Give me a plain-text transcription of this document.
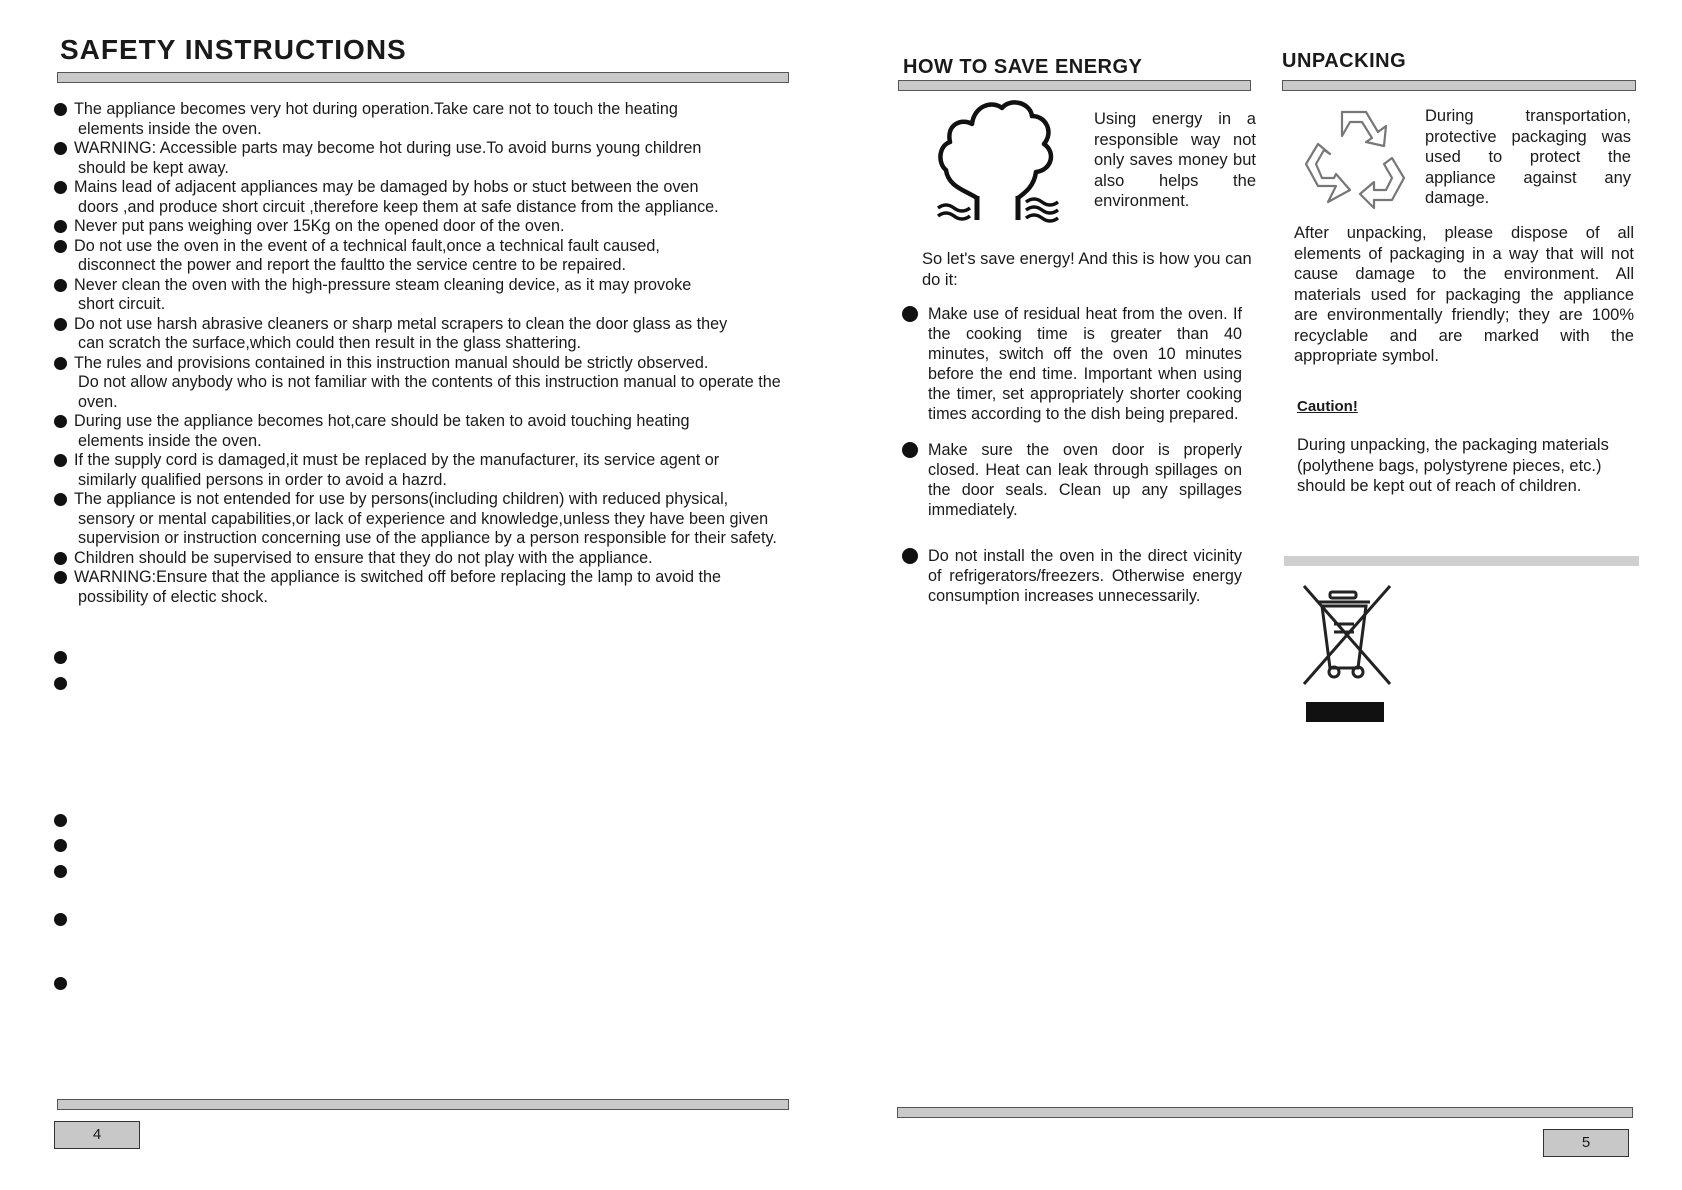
SAFETY INSTRUCTIONS
The appliance becomes very hot during operation.Take care not to touch the heating
elements inside the oven.
WARNING: Accessible parts may become hot during use.To avoid burns young children
should be kept away.
Mains lead of adjacent appliances may be damaged by hobs or stuct between the oven
doors ,and produce short circuit ,therefore keep them at safe distance from the appliance.
Never put pans weighing over 15Kg on the opened door of the oven.
Do not use the oven in the event of a technical fault,once a technical fault caused,
disconnect the power and report the faultto the service centre to be repaired.
Never clean the oven with the high-pressure steam cleaning device, as it may provoke
short circuit.
Do not use harsh abrasive cleaners or sharp metal scrapers to clean the door glass as they
can scratch the surface,which could then result in the glass shattering.
The rules and provisions contained in this instruction manual should be strictly observed.
Do not allow anybody who is not familiar with the contents of this instruction manual to operate the oven.
During use the appliance becomes hot,care should be taken to avoid touching heating
elements inside the oven.
If the supply cord is damaged,it must be replaced by the manufacturer, its service agent or
similarly qualified persons in order to avoid a hazrd.
The appliance is not entended for use by persons(including children) with reduced physical,
sensory or mental capabilities,or lack of experience and knowledge,unless they have been given supervision or instruction concerning use of the appliance by a person responsible for their safety.
Children should be supervised to ensure that they do not play with the appliance.
WARNING:Ensure that the appliance is switched off before replacing the lamp to avoid the
possibility of electic shock.
4
HOW TO SAVE ENERGY

Using energy in a responsible way not only saves money but also helps the environment.

So let's save energy! And this is how you can do it:

Make use of residual heat from the oven. If the cooking time is greater than 40 minutes, switch off the oven 10 minutes before the end time. Important when using the timer, set appropriately shorter cooking times according to the dish being prepared.
Make sure the oven door is properly closed. Heat can leak through spillages on the door seals. Clean up any spillages immediately.
Do not install the oven in the direct vicinity of refrigerators/freezers. Otherwise energy consumption increases unnecessarily.
UNPACKING

During transportation, protective packaging was used to protect the appliance against any damage.

After unpacking, please dispose of all elements of packaging in a way that will not cause damage to the environment. All materials used for packaging the appliance are environmentally friendly; they are 100% recyclable and are marked with the appropriate symbol.

Caution!

During unpacking, the packaging materials (polythene bags, polystyrene pieces, etc.) should be kept out of reach of children.

5
